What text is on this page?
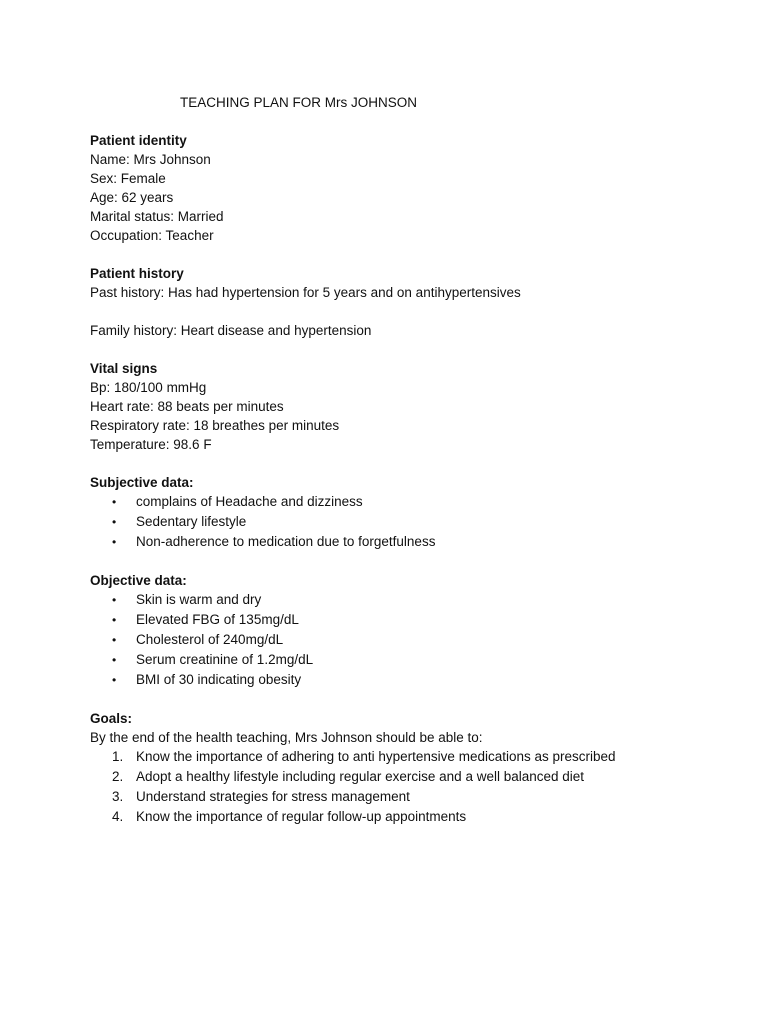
TEACHING PLAN FOR Mrs JOHNSON
Patient identity
Name: Mrs Johnson
Sex: Female
Age: 62 years
Marital status: Married
Occupation: Teacher
Patient history
Past history: Has had hypertension for 5 years and on antihypertensives
Family history: Heart disease and hypertension
Vital signs
Bp: 180/100 mmHg
Heart rate: 88 beats per minutes
Respiratory rate: 18 breathes per minutes
Temperature: 98.6 F
Subjective data:
• complains of Headache and dizziness
• Sedentary lifestyle
• Non-adherence to medication due to forgetfulness
Objective data:
• Skin is warm and dry
• Elevated FBG of 135mg/dL
• Cholesterol of 240mg/dL
• Serum creatinine of 1.2mg/dL
• BMI of 30 indicating obesity
Goals:
By the end of the health teaching, Mrs Johnson should be able to:
1. Know the importance of adhering to anti hypertensive medications as prescribed
2. Adopt a healthy lifestyle including regular exercise and a well balanced diet
3. Understand strategies for stress management
4. Know the importance of regular follow-up appointments
